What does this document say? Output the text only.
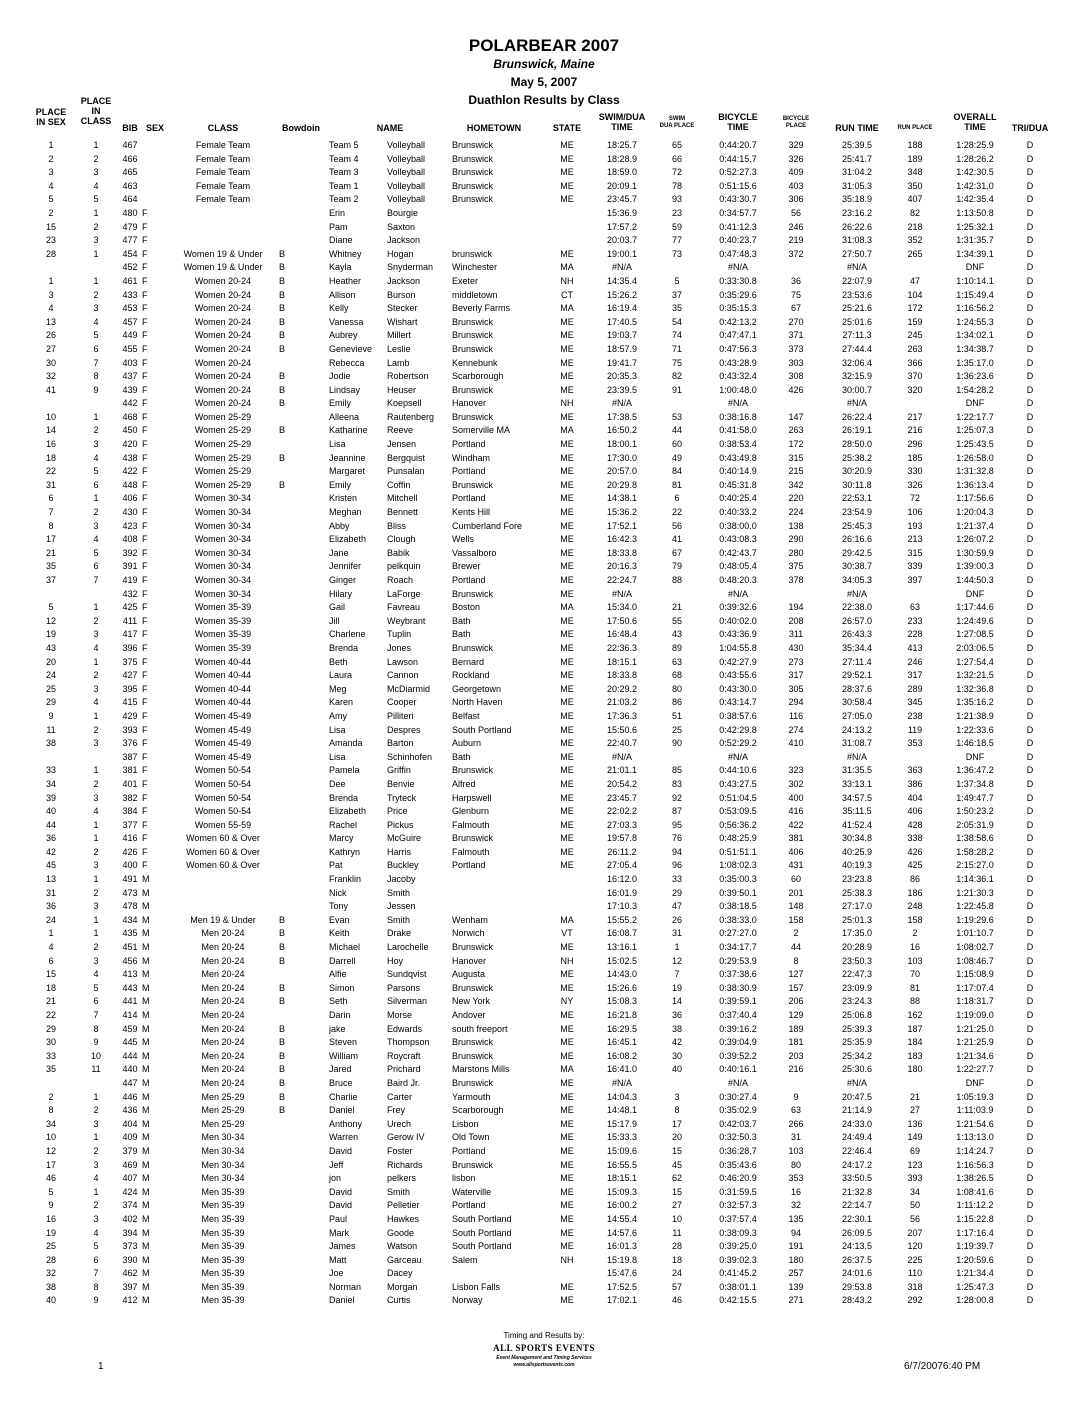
POLARBEAR 2007
Brunswick, Maine
May 5, 2007
Duathlon Results by Class
PLACE
IN SEX
PLACE
IN
CLASS
BIB SEX	CLASS	Bowdoin	NAME	HOMETOWN	STATE
SWIM/DUA
TIME
SWIM
DUA PLACE
BICYCLE
TIME
BICYCLE
PLACE	RUN TIME	RUN PLACE
OVERALL
TIME	TRI/DUA
1	1	467	Female Team	Team 5	Volleyball	Brunswick	ME	18:25.7	65	0:44:20.7	329	25:39.5	188	1:28:25.9	D
2	2	466	Female Team	Team 4	Volleyball	Brunswick	ME	18:28.9	66	0:44:15.7	326	25:41.7	189	1:28:26.2	D
3	3	465	Female Team	Team 3	Volleyball	Brunswick	ME	18:59.0	72	0:52:27.3	409	31:04.2	348	1:42:30.5	D
4	4	463	Female Team	Team 1	Volleyball	Brunswick	ME	20:09.1	78	0:51:15.6	403	31:05.3	350	1:42:31.0	D
5	5	464	Female Team	Team 2	Volleyball	Brunswick	ME	23:45.7	93	0:43:30.7	306	35:18.9	407	1:42:35.4	D
2	1	480 F	Erin	Bourgie	15:36.9	23	0:34:57.7	56	23:16.2	82	1:13:50.8	D
15	2	479 F	Pam	Saxton	17:57.2	59	0:41:12.3	246	26:22.6	218	1:25:32.1	D
23	3	477 F	Diane	Jackson	20:03.7	77	0:40:23.7	219	31:08.3	352	1:31:35.7	D
28	1	454 F	Women 19 & Under	B	Whitney	Hogan	brunswick	ME	19:00.1	73	0:47:48.3	372	27:50.7	265	1:34:39.1	D
452 F	Women 19 & Under	B	Kayla	Snyderman	Winchester	MA	#N/A	#N/A	#N/A	DNF	D
1	1	461 F	Women 20-24	B	Heather	Jackson	Exeter	NH	14:35.4	5	0:33:30.8	36	22:07.9	47	1:10:14.1	D
3	2	433 F	Women 20-24	B	Allison	Burson	middletown	CT	15:26.2	37	0:35:29.6	75	23:53.6	104	1:15:49.4	D
4	3	453 F	Women 20-24	B	Kelly	Stecker	Beverly Farms	MA	16:19.4	35	0:35:15.3	67	25:21.6	172	1:16:56.2	D
13	4	457 F	Women 20-24	B	Vanessa	Wishart	Brunswick	ME	17:40.5	54	0:42:13.2	270	25:01.6	159	1:24:55.3	D
26	5	449 F	Women 20-24	B	Aubrey	Millert	Brunswick	ME	19:03.7	74	0:47:47.1	371	27:11.3	245	1:34:02.1	D
27	6	455 F	Women 20-24	B	Genevieve	Leslie	Brunswick	ME	18:57.9	71	0:47:56.3	373	27:44.4	263	1:34:38.7	D
30	7	403 F	Women 20-24	Rebecca	Lamb	Kennebunk	ME	19:41.7	75	0:43:28.9	303	32:06.4	366	1:35:17.0	D
32	8	437 F	Women 20-24	B	Jodie	Robertson	Scarborough	ME	20:35.3	82	0:43:32.4	308	32:15.9	370	1:36:23.6	D
41	9	439 F	Women 20-24	B	Lindsay	Heuser	Brunswick	ME	23:39.5	91	1:00:48.0	426	30:00.7	320	1:54:28.2	D
442 F	Women 20-24	B	Emily	Koepsell	Hanover	NH	#N/A	#N/A	#N/A	DNF	D
10	1	468 F	Women 25-29	Alleena	Rautenberg	Brunswick	ME	17:38.5	53	0:38:16.8	147	26:22.4	217	1:22:17.7	D
14	2	450 F	Women 25-29	B	Katharine	Reeve	Somerville MA	MA	16:50.2	44	0:41:58.0	263	26:19.1	216	1:25:07.3	D
16	3	420 F	Women 25-29	Lisa	Jensen	Portland	ME	18:00.1	60	0:38:53.4	172	28:50.0	296	1:25:43.5	D
18	4	438 F	Women 25-29	B	Jeannine	Bergquist	Windham	ME	17:30.0	49	0:43:49.8	315	25:38.2	185	1:26:58.0	D
22	5	422 F	Women 25-29	Margaret	Punsalan	Portland	ME	20:57.0	84	0:40:14.9	215	30:20.9	330	1:31:32.8	D
31	6	448 F	Women 25-29	B	Emily	Coffin	Brunswick	ME	20:29.8	81	0:45:31.8	342	30:11.8	326	1:36:13.4	D
6	1	406 F	Women 30-34	Kristen	Mitchell	Portland	ME	14:38.1	6	0:40:25.4	220	22:53.1	72	1:17:56.6	D
7	2	430 F	Women 30-34	Meghan	Bennett	Kents Hill	ME	15:36.2	22	0:40:33.2	224	23:54.9	106	1:20:04.3	D
8	3	423 F	Women 30-34	Abby	Bliss	Cumberland Fore	ME	17:52.1	56	0:38:00.0	138	25:45.3	193	1:21:37.4	D
17	4	408 F	Women 30-34	Elizabeth	Clough	Wells	ME	16:42.3	41	0:43:08.3	290	26:16.6	213	1:26:07.2	D
21	5	392 F	Women 30-34	Jane	Babik	Vassalboro	ME	18:33.8	67	0:42:43.7	280	29:42.5	315	1:30:59.9	D
35	6	391 F	Women 30-34	Jennifer	pelkquin	Brewer	ME	20:16.3	79	0:48:05.4	375	30:38.7	339	1:39:00.3	D
37	7	419 F	Women 30-34	Ginger	Roach	Portland	ME	22:24.7	88	0:48:20.3	378	34:05.3	397	1:44:50.3	D
432 F	Women 30-34	Hilary	LaForge	Brunswick	ME	#N/A	#N/A	#N/A	DNF	D
5	1	425 F	Women 35-39	Gail	Favreau	Boston	MA	15:34.0	21	0:39:32.6	194	22:38.0	63	1:17:44.6	D
12	2	411 F	Women 35-39	Jill	Weybrant	Bath	ME	17:50.6	55	0:40:02.0	208	26:57.0	233	1:24:49.6	D
19	3	417 F	Women 35-39	Charlene	Tuplin	Bath	ME	16:48.4	43	0:43:36.9	311	26:43.3	228	1:27:08.5	D
43	4	396 F	Women 35-39	Brenda	Jones	Brunswick	ME	22:36.3	89	1:04:55.8	430	35:34.4	413	2:03:06.5	D
20	1	375 F	Women 40-44	Beth	Lawson	Bernard	ME	18:15.1	63	0:42:27.9	273	27:11.4	246	1:27:54.4	D
24	2	427 F	Women 40-44	Laura	Cannon	Rockland	ME	18:33.8	68	0:43:55.6	317	29:52.1	317	1:32:21.5	D
25	3	395 F	Women 40-44	Meg	McDiarmid	Georgetown	ME	20:29.2	80	0:43:30.0	305	28:37.6	289	1:32:36.8	D
29	4	415 F	Women 40-44	Karen	Cooper	North Haven	ME	21:03.2	86	0:43:14.7	294	30:58.4	345	1:35:16.2	D
9	1	429 F	Women 45-49	Amy	Pilliteri	Belfast	ME	17:36.3	51	0:38:57.6	116	27:05.0	238	1:21:38.9	D
11	2	393 F	Women 45-49	Lisa	Despres	South Portland	ME	15:50.6	25	0:42:29.8	274	24:13.2	119	1:22:33.6	D
38	3	376 F	Women 45-49	Amanda	Barton	Auburn	ME	22:40.7	90	0:52:29.2	410	31:08.7	353	1:46:18.5	D
387 F	Women 45-49	Lisa	Schinhofen	Bath	ME	#N/A	#N/A	#N/A	DNF	D
33	1	381 F	Women 50-54	Pamela	Griffin	Brunswick	ME	21:01.1	85	0:44:10.6	323	31:35.5	363	1:36:47.2	D
34	2	401 F	Women 50-54	Dee	Benvie	Alfred	ME	20:54.2	83	0:43:27.5	302	33:13.1	386	1:37:34.8	D
39	3	382 F	Women 50-54	Brenda	Tryteck	Harpswell	ME	23:45.7	92	0:51:04.5	400	34:57.5	404	1:49:47.7	D
40	4	384 F	Women 50-54	Elizabeth	Price	Glenburn	ME	22:02.2	87	0:53:09.5	416	35:11.5	406	1:50:23.2	D
44	1	377 F	Women 55-59	Rachel	Pickus	Falmouth	ME	27:03.3	95	0:56:36.2	422	41:52.4	428	2:05:31.9	D
36	1	416 F	Women 60 & Over	Marcy	McGuire	Brunswick	ME	19:57.8	76	0:48:25.9	381	30:34.8	338	1:38:58.6	D
42	2	426 F	Women 60 & Over	Kathryn	Harris	Falmouth	ME	26:11.2	94	0:51:51.1	406	40:25.9	426	1:58:28.2	D
45	3	400 F	Women 60 & Over	Pat	Buckley	Portland	ME	27:05.4	96	1:08:02.3	431	40:19.3	425	2:15:27.0	D
13	1	491 M	Franklin	Jacoby	16:12.0	33	0:35:00.3	60	23:23.8	86	1:14:36.1	D
31	2	473 M	Nick	Smith	16:01.9	29	0:39:50.1	201	25:38.3	186	1:21:30.3	D
36	3	478 M	Tony	Jessen	17:10.3	47	0:38:18.5	148	27:17.0	248	1:22:45.8	D
24	1	434 M	Men 19 & Under	B	Evan	Smith	Wenham	MA	15:55.2	26	0:38:33.0	158	25:01.3	158	1:19:29.6	D
1	1	435 M	Men 20-24	B	Keith	Drake	Norwich	VT	16:08.7	31	0:27:27.0	2	17:35.0	2	1:01:10.7	D
4	2	451 M	Men 20-24	B	Michael	Larochelle	Brunswick	ME	13:16.1	1	0:34:17.7	44	20:28.9	16	1:08:02.7	D
6	3	456 M	Men 20-24	B	Darrell	Hoy	Hanover	NH	15:02.5	12	0:29:53.9	8	23:50.3	103	1:08:46.7	D
15	4	413 M	Men 20-24	Alfie	Sundqvist	Augusta	ME	14:43.0	7	0:37:38.6	127	22:47.3	70	1:15:08.9	D
18	5	443 M	Men 20-24	B	Simon	Parsons	Brunswick	ME	15:26.6	19	0:38:30.9	157	23:09.9	81	1:17:07.4	D
21	6	441 M	Men 20-24	B	Seth	Silverman	New York	NY	15:08.3	14	0:39:59.1	206	23:24.3	88	1:18:31.7	D
22	7	414 M	Men 20-24	Darin	Morse	Andover	ME	16:21.8	36	0:37:40.4	129	25:06.8	162	1:19:09.0	D
29	8	459 M	Men 20-24	B	jake	Edwards	south freeport	ME	16:29.5	38	0:39:16.2	189	25:39.3	187	1:21:25.0	D
30	9	445 M	Men 20-24	B	Steven	Thompson	Brunswick	ME	16:45.1	42	0:39:04.9	181	25:35.9	184	1:21:25.9	D
33	10	444 M	Men 20-24	B	William	Roycraft	Brunswick	ME	16:08.2	30	0:39:52.2	203	25:34.2	183	1:21:34.6	D
35	11	440 M	Men 20-24	B	Jared	Prichard	Marstons Mills	MA	16:41.0	40	0:40:16.1	216	25:30.6	180	1:22:27.7	D
447 M	Men 20-24	B	Bruce	Baird Jr.	Brunswick	ME	#N/A	#N/A	#N/A	DNF	D
2	1	446 M	Men 25-29	B	Charlie	Carter	Yarmouth	ME	14:04.3	3	0:30:27.4	9	20:47.5	21	1:05:19.3	D
8	2	436 M	Men 25-29	B	Daniel	Frey	Scarborough	ME	14:48.1	8	0:35:02.9	63	21:14.9	27	1:11:03.9	D
34	3	404 M	Men 25-29	Anthony	Urech	Lisbon	ME	15:17.9	17	0:42:03.7	266	24:33.0	136	1:21:54.6	D
10	1	409 M	Men 30-34	Warren	Gerow IV	Old Town	ME	15:33.3	20	0:32:50.3	31	24:49.4	149	1:13:13.0	D
12	2	379 M	Men 30-34	David	Foster	Portland	ME	15:09.6	15	0:36:28.7	103	22:46.4	69	1:14:24.7	D
17	3	469 M	Men 30-34	Jeff	Richards	Brunswick	ME	16:55.5	45	0:35:43.6	80	24:17.2	123	1:16:56.3	D
46	4	407 M	Men 30-34	jon	pelkers	lisbon	ME	18:15.1	62	0:46:20.9	353	33:50.5	393	1:38:26.5	D
5	1	424 M	Men 35-39	David	Smith	Waterville	ME	15:09.3	15	0:31:59.5	16	21:32.8	34	1:08:41.6	D
9	2	374 M	Men 35-39	David	Pelletier	Portland	ME	16:00.2	27	0:32:57.3	32	22:14.7	50	1:11:12.2	D
16	3	402 M	Men 35-39	Paul	Hawkes	South Portland	ME	14:55.4	10	0:37:57.4	135	22:30.1	56	1:15:22.8	D
19	4	394 M	Men 35-39	Mark	Goode	South Portland	ME	14:57.6	11	0:38:09.3	94	26:09.5	207	1:17:16.4	D
25	5	373 M	Men 35-39	James	Watson	South Portland	ME	16:01.3	28	0:39:25.0	191	24:13.5	120	1:19:39.7	D
28	6	390 M	Men 35-39	Matt	Garceau	Salem	NH	15:19.8	18	0:39:02.3	180	26:37.5	225	1:20:59.6	D
32	7	462 M	Men 35-39	Joe	Dacey	15:47.6	24	0:41:45.2	257	24:01.6	110	1:21:34.4	D
38	8	397 M	Men 35-39	Norman	Morgan	Lisbon Falls	ME	17:52.5	57	0:38:01.1	139	29:53.8	318	1:25:47.3	D
40	9	412 M	Men 35-39	Daniel	Curtis	Norway	ME	17:02.1	46	0:42:15.5	271	28:43.2	292	1:28:00.8	D
Timing and Results by:
ALL SPORTS EVENTS
Event Management and Timing Services
www.allsportsevents.com
1	6/7/20076:40 PM
